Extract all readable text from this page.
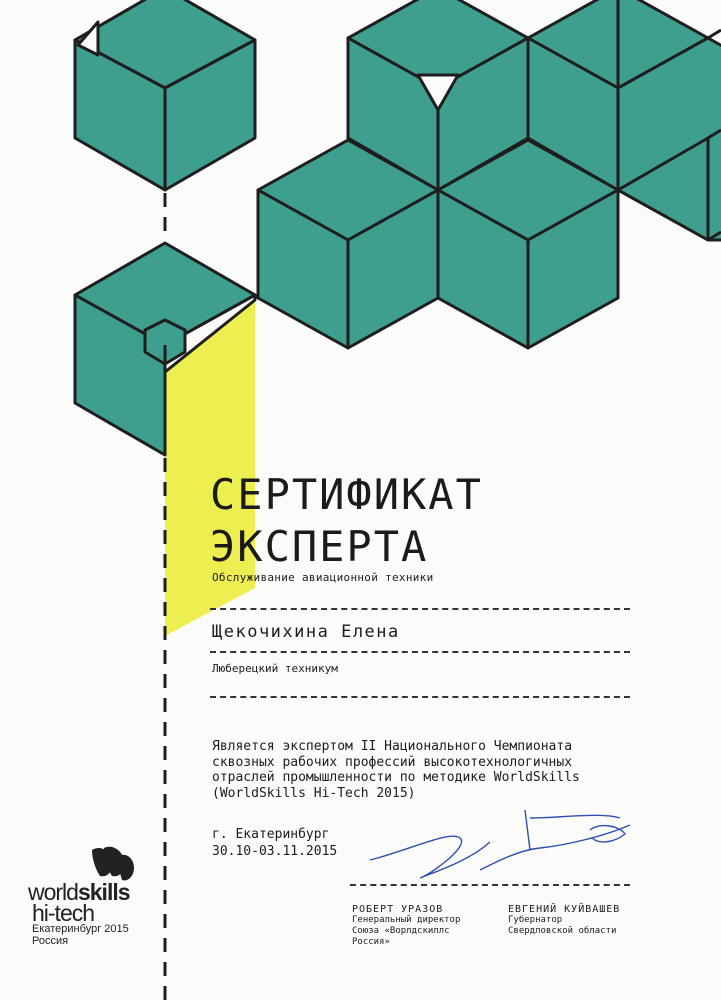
СЕРТИФИКАТ
ЭКСПЕРТА
Обслуживание авиационной техники
Щекочихина Елена
Люберецкий техникум
Является экспертом II Национального Чемпионата
сквозных рабочих профессий высокотехнологичных
отраслей промышленности по методике WorldSkills
(WorldSkills Hi-Tech 2015)
г. Екатеринбург
30.10-03.11.2015
РОБЕРТ УРАЗОВ
Генеральный директор
Союза «Ворлдскиллс
Россия»
ЕВГЕНИЙ КУЙВАШЕВ
Губернатор
Свердловской области
worldskills
hi-tech
Екатеринбург 2015
Россия
